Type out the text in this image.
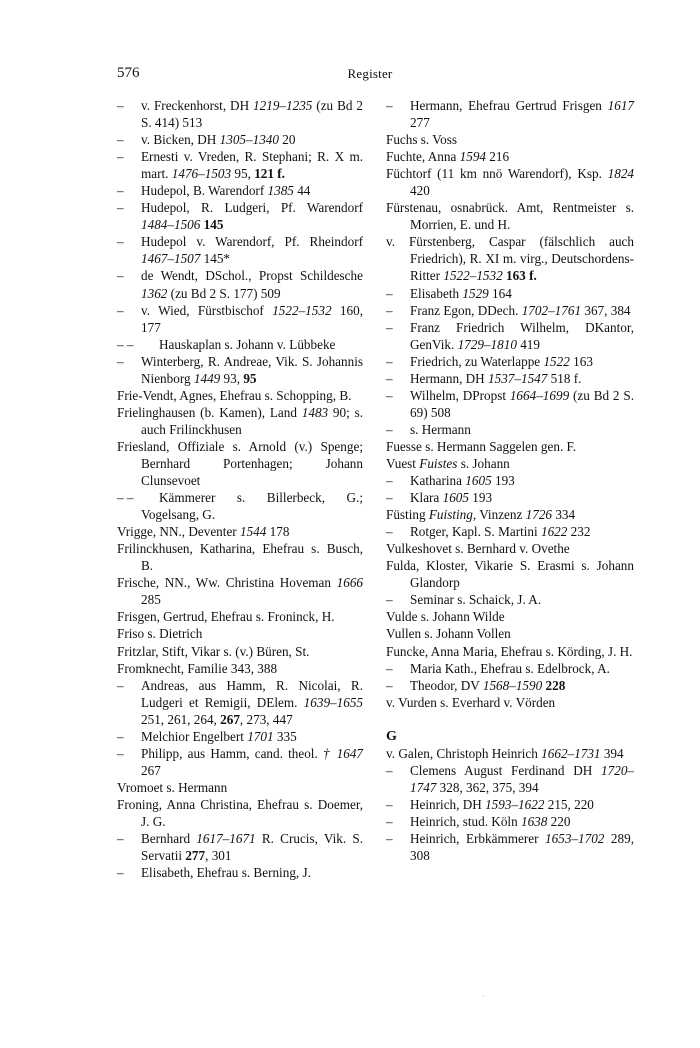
576	Register
– v. Freckenhorst, DH 1219–1235 (zu Bd 2 S. 414) 513
– v. Bicken, DH 1305–1340 20
– Ernesti v. Vreden, R. Stephani; R. X m. mart. 1476–1503 95, 121 f.
– Hudepol, B. Warendorf 1385 44
– Hudepol, R. Ludgeri, Pf. Warendorf 1484–1506 145
– Hudepol v. Warendorf, Pf. Rheindorf 1467–1507 145*
– de Wendt, DSchol., Propst Schildesche 1362 (zu Bd 2 S. 177) 509
– v. Wied, Fürstbischof 1522–1532 160, 177
– – Hauskaplan s. Johann v. Lübbeke
– Winterberg, R. Andreae, Vik. S. Johannis Nienborg 1449 93, 95
Frie-Vendt, Agnes, Ehefrau s. Schopping, B.
Frielinghausen (b. Kamen), Land 1483 90; s. auch Frilinckhusen
Friesland, Offiziale s. Arnold (v.) Spenge; Bernhard Portenhagen; Johann Clunsevoet
– – Kämmerer s. Billerbeck, G.; Vogelsang, G.
Vrigge, NN., Deventer 1544 178
Frilinckhusen, Katharina, Ehefrau s. Busch, B.
Frische, NN., Ww. Christina Hoveman 1666 285
Frisgen, Gertrud, Ehefrau s. Froninck, H.
Friso s. Dietrich
Fritzlar, Stift, Vikar s. (v.) Büren, St.
Fromknecht, Familie 343, 388
– Andreas, aus Hamm, R. Nicolai, R. Ludgeri et Remigii, DElem. 1639–1655 251, 261, 264, 267, 273, 447
– Melchior Engelbert 1701 335
– Philipp, aus Hamm, cand. theol. † 1647 267
Vromoet s. Hermann
Froning, Anna Christina, Ehefrau s. Doemer, J. G.
– Bernhard 1617–1671 R. Crucis, Vik. S. Servatii 277, 301
– Elisabeth, Ehefrau s. Berning, J.
– Hermann, Ehefrau Gertrud Frisgen 1617 277
Fuchs s. Voss
Fuchte, Anna 1594 216
Füchtorf (11 km nnö Warendorf), Ksp. 1824 420
Fürstenau, osnabrück. Amt, Rentmeister s. Morrien, E. und H.
v. Fürstenberg, Caspar (fälschlich auch Friedrich), R. XI m. virg., Deutschordens-Ritter 1522–1532 163 f.
– Elisabeth 1529 164
– Franz Egon, DDech. 1702–1761 367, 384
– Franz Friedrich Wilhelm, DKantor, GenVik. 1729–1810 419
– Friedrich, zu Waterlappe 1522 163
– Hermann, DH 1537–1547 518 f.
– Wilhelm, DPropst 1664–1699 (zu Bd 2 S. 69) 508
– s. Hermann
Fuesse s. Hermann Saggelen gen. F.
Vuest Fuistes s. Johann
– Katharina 1605 193
– Klara 1605 193
Füsting Fuisting, Vinzenz 1726 334
– Rotger, Kapl. S. Martini 1622 232
Vulkeshovet s. Bernhard v. Ovethe
Fulda, Kloster, Vikarie S. Erasmi s. Johann Glandorp
– Seminar s. Schaick, J. A.
Vulde s. Johann Wilde
Vullen s. Johann Vollen
Funcke, Anna Maria, Ehefrau s. Körding, J. H.
– Maria Kath., Ehefrau s. Edelbrock, A.
– Theodor, DV 1568–1590 228
v. Vurden s. Everhard v. Vörden
G
v. Galen, Christoph Heinrich 1662–1731 394
– Clemens August Ferdinand DH 1720–1747 328, 362, 375, 394
– Heinrich, DH 1593–1622 215, 220
– Heinrich, stud. Köln 1638 220
– Heinrich, Erbkämmerer 1653–1702 289, 308
·
